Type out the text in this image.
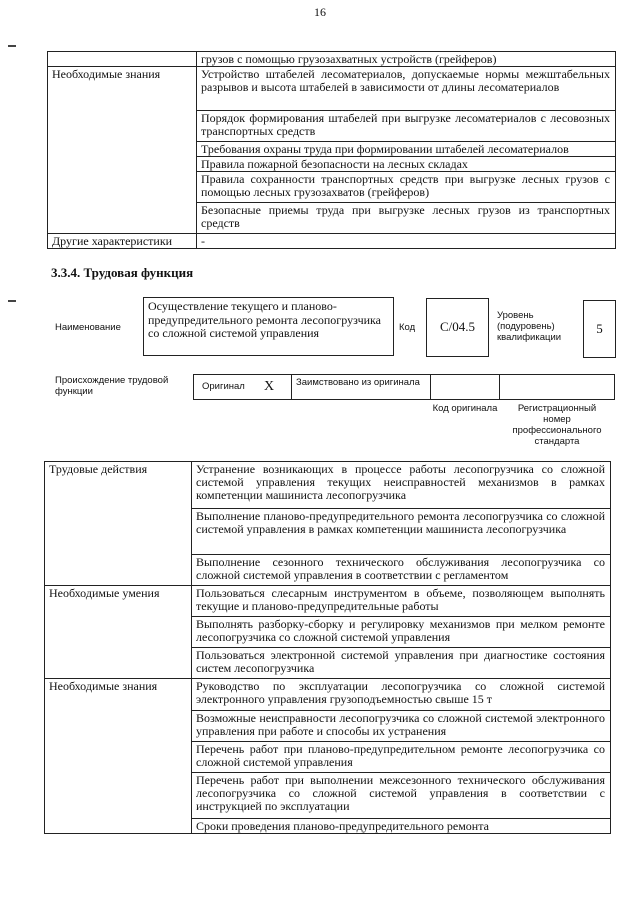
16
	грузов с помощью грузозахватных устройств (грейферов)
Необходимые знания	Устройство штабелей лесоматериалов, допускаемые нормы межштабельных разрывов и высота штабелей в зависимости от длины лесоматериалов
	Порядок формирования штабелей при выгрузке лесоматериалов с лесовозных транспортных средств
	Требования охраны труда при формировании штабелей лесоматериалов
	Правила пожарной безопасности на лесных складах
	Правила сохранности транспортных средств при выгрузке лесных грузов с помощью лесных грузозахватов (грейферов)
	Безопасные приемы труда при выгрузке лесных грузов из транспортных средств
Другие характеристики	-
3.3.4. Трудовая функция
Наименование
Осуществление текущего и планово-предупредительного ремонта лесопогрузчика со сложной системой управления	Код	C/04.5
Уровень (подуровень) квалификации
5
Происхождение трудовой функции	Оригинал X Заимствовано из оригинала
Код оригинала	Регистрационный номер профессионального стандарта
Трудовые действия	Устранение возникающих в процессе работы лесопогрузчика со сложной системой управления текущих неисправностей механизмов в рамках компетенции машиниста лесопогрузчика
	Выполнение планово-предупредительного ремонта лесопогрузчика со сложной системой управления в рамках компетенции машиниста лесопогрузчика
	Выполнение сезонного технического обслуживания лесопогрузчика со сложной системой управления в соответствии с регламентом
Необходимые умения	Пользоваться слесарным инструментом в объеме, позволяющем выполнять текущие и планово-предупредительные работы
	Выполнять разборку-сборку и регулировку механизмов при мелком ремонте лесопогрузчика со сложной системой управления
	Пользоваться электронной системой управления при диагностике состояния систем лесопогрузчика
Необходимые знания	Руководство по эксплуатации лесопогрузчика со сложной системой электронного управления грузоподъемностью свыше 15 т
	Возможные неисправности лесопогрузчика со сложной системой электронного управления при работе и способы их устранения
	Перечень работ при планово-предупредительном ремонте лесопогрузчика со сложной системой управления
	Перечень работ при выполнении межсезонного технического обслуживания лесопогрузчика со сложной системой управления в соответствии с инструкцией по эксплуатации
	Сроки проведения планово-предупредительного ремонта
